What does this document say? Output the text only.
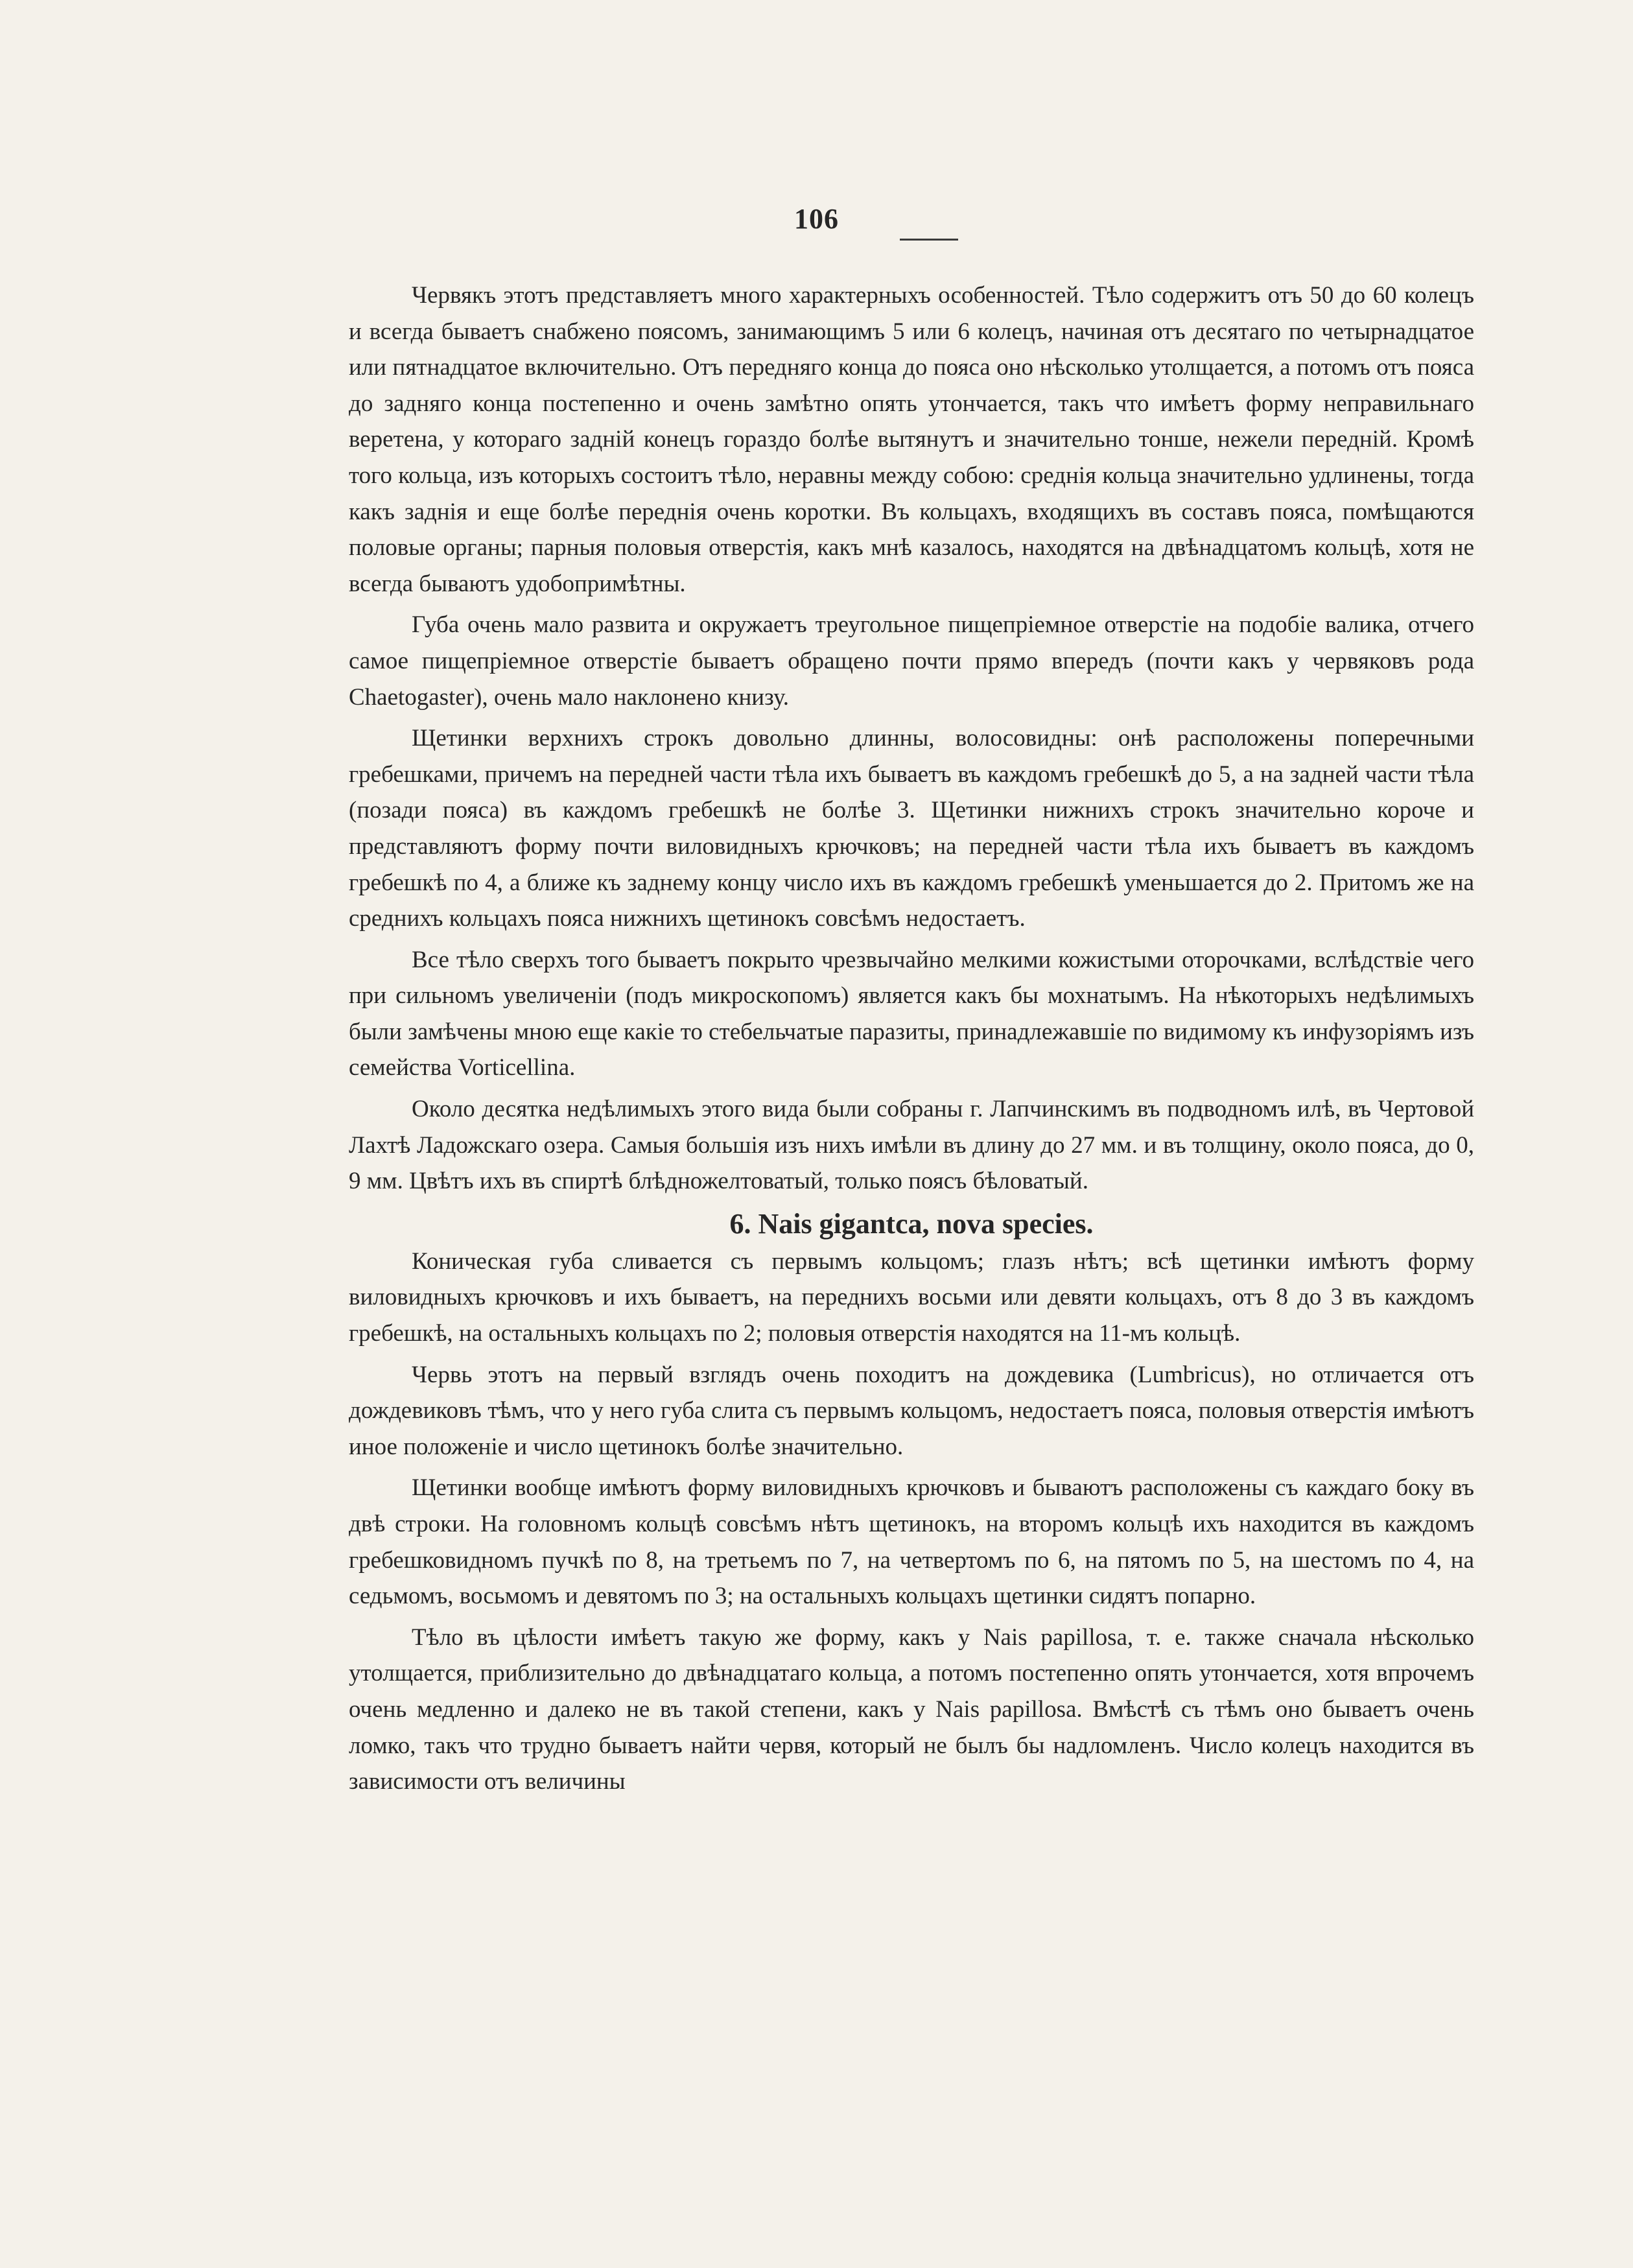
106

Червякъ этотъ представляетъ много характерныхъ особенностей. Тѣло содержитъ отъ 50 до 60 колецъ и всегда бываетъ снабжено поясомъ, занимающимъ 5 или 6 колецъ, начиная отъ десятаго по четырнадцатое или пятнадцатое включительно. Отъ передняго конца до пояса оно нѣсколько утолщается, а потомъ отъ пояса до задняго конца постепенно и очень замѣтно опять утончается, такъ что имѣетъ форму неправильнаго веретена, у котораго задній конецъ гораздо болѣе вытянутъ и значительно тонше, нежели передній. Кромѣ того кольца, изъ которыхъ состоитъ тѣло, неравны между собою: среднія кольца значительно удлинены, тогда какъ заднія и еще болѣе переднія очень коротки. Въ кольцахъ, входящихъ въ составъ пояса, помѣщаются половые органы; парныя половыя отверстія, какъ мнѣ казалось, находятся на двѣнадцатомъ кольцѣ, хотя не всегда бываютъ удобопримѣтны.

Губа очень мало развита и окружаетъ треугольное пищепріемное отверстіе на подобіе валика, отчего самое пищепріемное отверстіе бываетъ обращено почти прямо впередъ (почти какъ у червяковъ рода Chaetogaster), очень мало наклонено книзу.

Щетинки верхнихъ строкъ довольно длинны, волосовидны: онѣ расположены поперечными гребешками, причемъ на передней части тѣла ихъ бываетъ въ каждомъ гребешкѣ до 5, а на задней части тѣла (позади пояса) въ каждомъ гребешкѣ не болѣе 3. Щетинки нижнихъ строкъ значительно короче и представляютъ форму почти виловидныхъ крючковъ; на передней части тѣла ихъ бываетъ въ каждомъ гребешкѣ по 4, а ближе къ заднему концу число ихъ въ каждомъ гребешкѣ уменьшается до 2. Притомъ же на среднихъ кольцахъ пояса нижнихъ щетинокъ совсѣмъ недостаетъ.

Все тѣло сверхъ того бываетъ покрыто чрезвычайно мелкими кожистыми оторочками, вслѣдствіе чего при сильномъ увеличеніи (подъ микроскопомъ) является какъ бы мохнатымъ. На нѣкоторыхъ недѣлимыхъ были замѣчены мною еще какіе то стебельчатые паразиты, принадлежавшіе по видимому къ инфузоріямъ изъ семейства Vorticellina.

Около десятка недѣлимыхъ этого вида были собраны г. Лапчинскимъ въ подводномъ илѣ, въ Чертовой Лахтѣ Ладожскаго озера. Самыя большія изъ нихъ имѣли въ длину до 27 мм. и въ толщину, около пояса, до 0, 9 мм. Цвѣтъ ихъ въ спиртѣ блѣдножелтоватый, только поясъ бѣловатый.

6. Nais gigantca, nova species.

Коническая губа сливается съ первымъ кольцомъ; глазъ нѣтъ; всѣ щетинки имѣютъ форму виловидныхъ крючковъ и ихъ бываетъ, на переднихъ восьми или девяти кольцахъ, отъ 8 до 3 въ каждомъ гребешкѣ, на остальныхъ кольцахъ по 2; половыя отверстія находятся на 11-мъ кольцѣ.

Червь этотъ на первый взглядъ очень походитъ на дождевика (Lumbricus), но отличается отъ дождевиковъ тѣмъ, что у него губа слита съ первымъ кольцомъ, недостаетъ пояса, половыя отверстія имѣютъ иное положеніе и число щетинокъ болѣе значительно.

Щетинки вообще имѣютъ форму виловидныхъ крючковъ и бываютъ расположены съ каждаго боку въ двѣ строки. На головномъ кольцѣ совсѣмъ нѣтъ щетинокъ, на второмъ кольцѣ ихъ находится въ каждомъ гребешковидномъ пучкѣ по 8, на третьемъ по 7, на четвертомъ по 6, на пятомъ по 5, на шестомъ по 4, на седьмомъ, восьмомъ и девятомъ по 3; на остальныхъ кольцахъ щетинки сидятъ попарно.

Тѣло въ цѣлости имѣетъ такую же форму, какъ у Nais papillosa, т. е. также сначала нѣсколько утолщается, приблизительно до двѣнадцатаго кольца, а потомъ постепенно опять утончается, хотя впрочемъ очень медленно и далеко не въ такой степени, какъ у Nais papillosa. Вмѣстѣ съ тѣмъ оно бываетъ очень ломко, такъ что трудно бываетъ найти червя, который не былъ бы надломленъ. Число колецъ находится въ зависимости отъ величины
